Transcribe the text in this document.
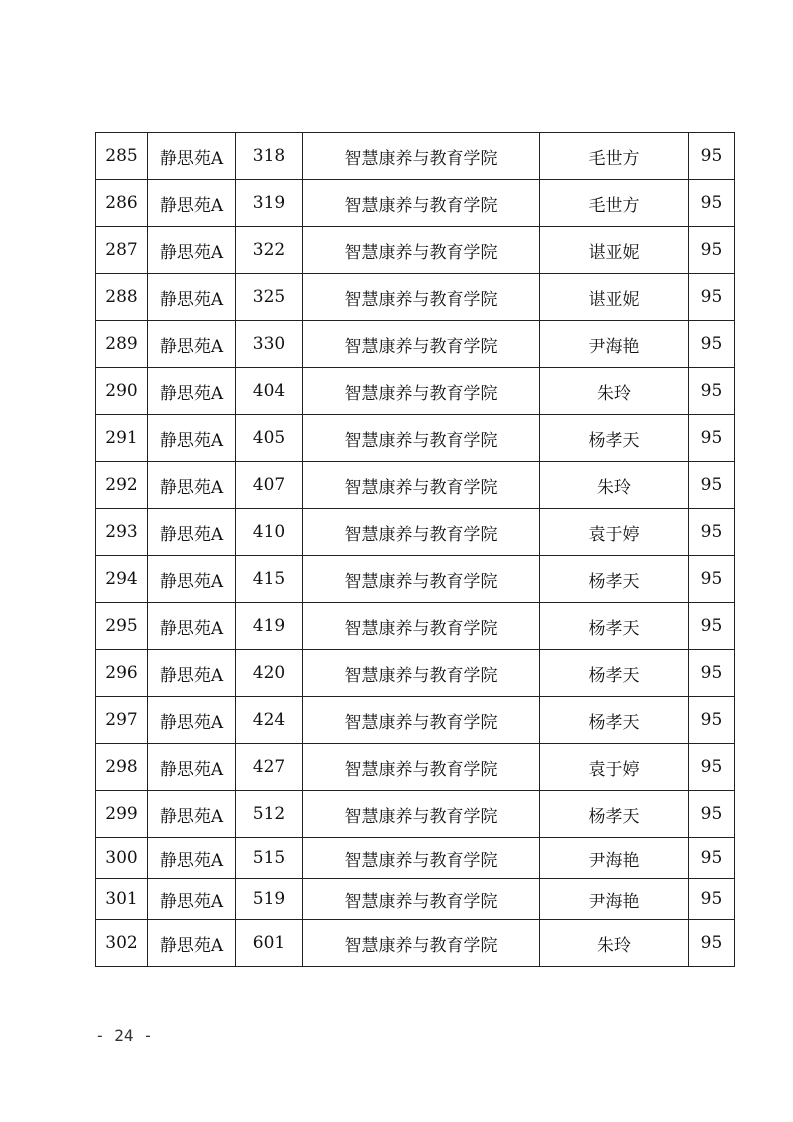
285	静思苑A	318	智慧康养与教育学院	毛世方	95
286	静思苑A	319	智慧康养与教育学院	毛世方	95
287	静思苑A	322	智慧康养与教育学院	谌亚妮	95
288	静思苑A	325	智慧康养与教育学院	谌亚妮	95
289	静思苑A	330	智慧康养与教育学院	尹海艳	95
290	静思苑A	404	智慧康养与教育学院	朱玲	95
291	静思苑A	405	智慧康养与教育学院	杨孝天	95
292	静思苑A	407	智慧康养与教育学院	朱玲	95
293	静思苑A	410	智慧康养与教育学院	袁于婷	95
294	静思苑A	415	智慧康养与教育学院	杨孝天	95
295	静思苑A	419	智慧康养与教育学院	杨孝天	95
296	静思苑A	420	智慧康养与教育学院	杨孝天	95
297	静思苑A	424	智慧康养与教育学院	杨孝天	95
298	静思苑A	427	智慧康养与教育学院	袁于婷	95
299	静思苑A	512	智慧康养与教育学院	杨孝天	95
300	静思苑A	515	智慧康养与教育学院	尹海艳	95
301	静思苑A	519	智慧康养与教育学院	尹海艳	95
302	静思苑A	601	智慧康养与教育学院	朱玲	95
- 24 -
